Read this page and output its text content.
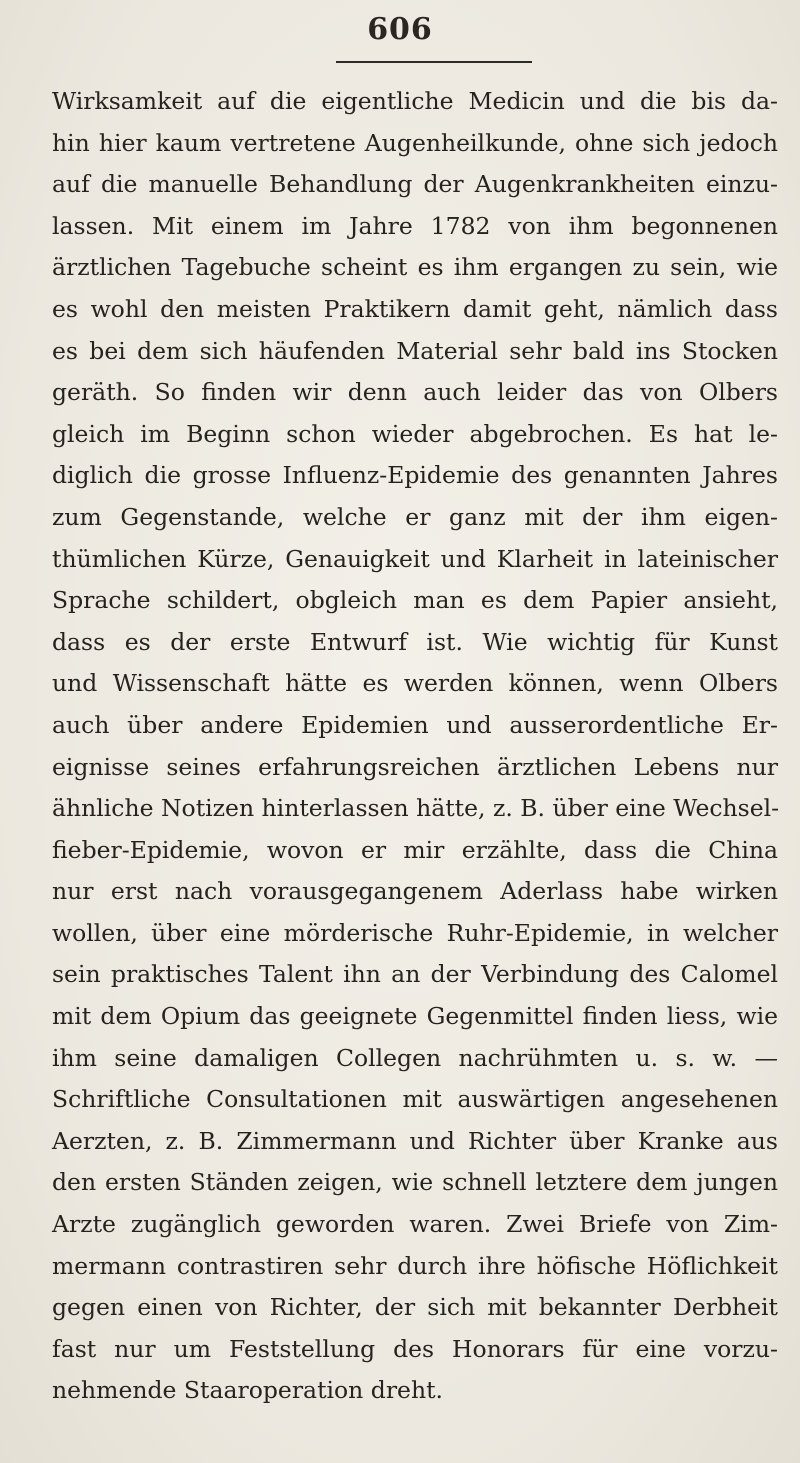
606
Wirksamkeit auf die eigentliche Medicin und die bis da-
hin hier kaum vertretene Augenheilkunde, ohne sich jedoch
auf die manuelle Behandlung der Augenkrankheiten einzu-
lassen. Mit einem im Jahre 1782 von ihm begonnenen
ärztlichen Tagebuche scheint es ihm ergangen zu sein, wie
es wohl den meisten Praktikern damit geht, nämlich dass
es bei dem sich häufenden Material sehr bald ins Stocken
geräth. So finden wir denn auch leider das von Olbers
gleich im Beginn schon wieder abgebrochen. Es hat le-
diglich die grosse Influenz-Epidemie des genannten Jahres
zum Gegenstande, welche er ganz mit der ihm eigen-
thümlichen Kürze, Genauigkeit und Klarheit in lateinischer
Sprache schildert, obgleich man es dem Papier ansieht,
dass es der erste Entwurf ist. Wie wichtig für Kunst
und Wissenschaft hätte es werden können, wenn Olbers
auch über andere Epidemien und ausserordentliche Er-
eignisse seines erfahrungsreichen ärztlichen Lebens nur
ähnliche Notizen hinterlassen hätte, z. B. über eine Wechsel-
fieber-Epidemie, wovon er mir erzählte, dass die China
nur erst nach vorausgegangenem Aderlass habe wirken
wollen, über eine mörderische Ruhr-Epidemie, in welcher
sein praktisches Talent ihn an der Verbindung des Calomel
mit dem Opium das geeignete Gegenmittel finden liess, wie
ihm seine damaligen Collegen nachrühmten u. s. w. —
Schriftliche Consultationen mit auswärtigen angesehenen
Aerzten, z. B. Zimmermann und Richter über Kranke aus
den ersten Ständen zeigen, wie schnell letztere dem jungen
Arzte zugänglich geworden waren. Zwei Briefe von Zim-
mermann contrastiren sehr durch ihre höfische Höflichkeit
gegen einen von Richter, der sich mit bekannter Derbheit
fast nur um Feststellung des Honorars für eine vorzu-
nehmende Staaroperation dreht.
